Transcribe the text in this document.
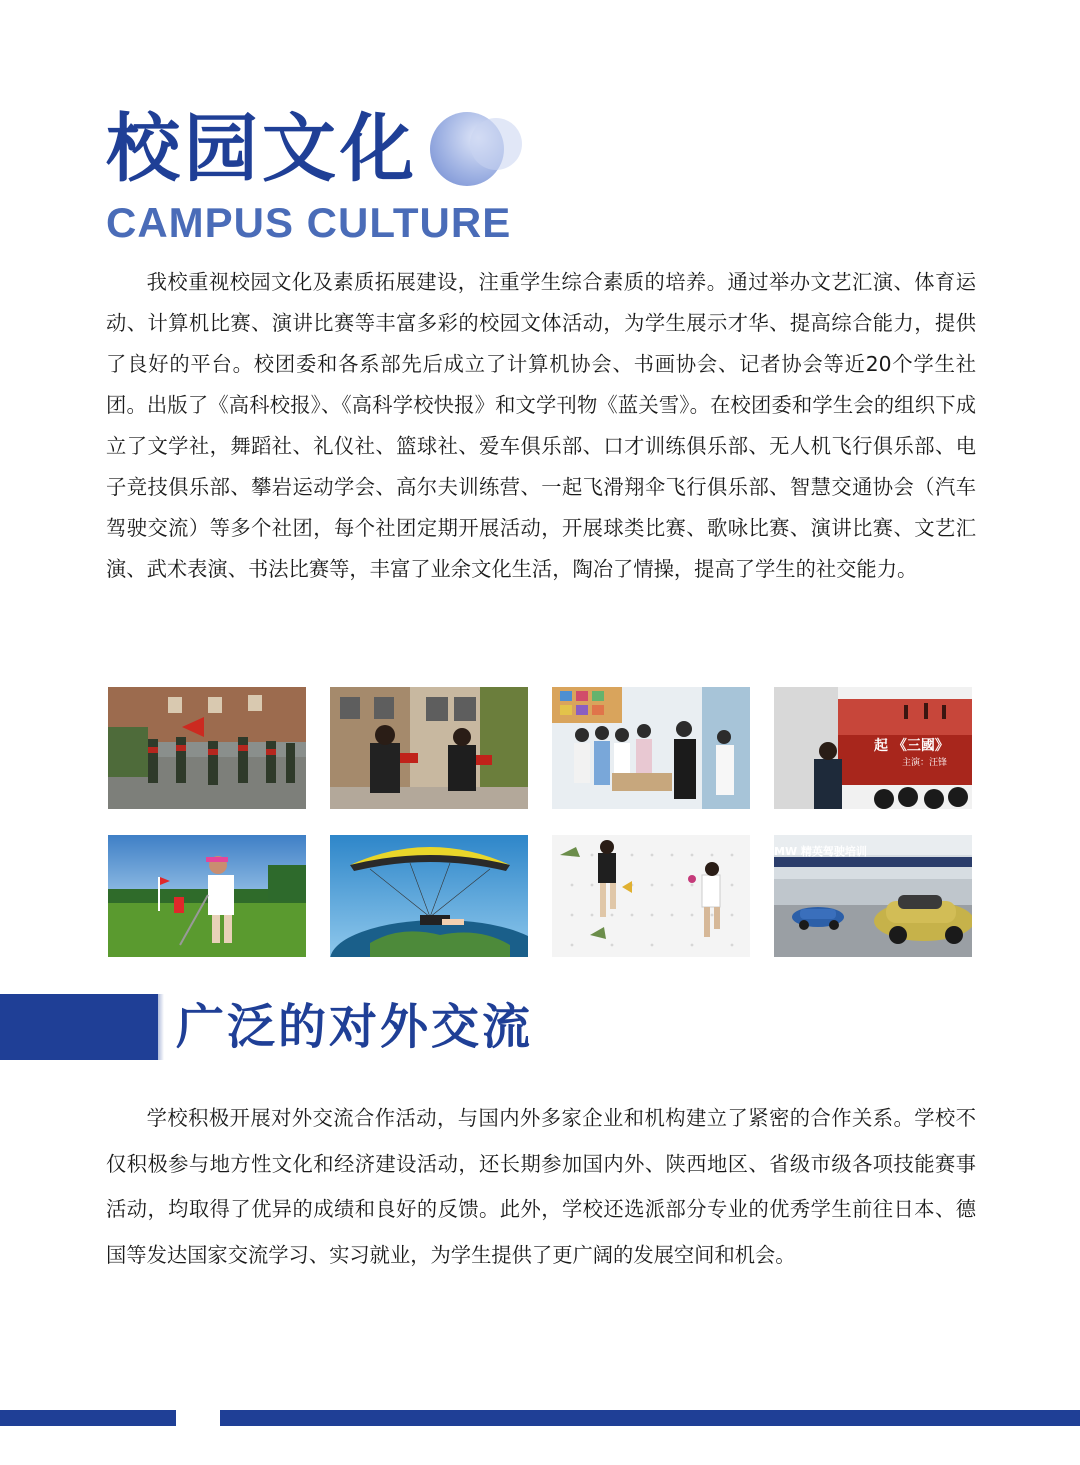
校园文化
CAMPUS CULTURE

我校重视校园文化及素质拓展建设，注重学生综合素质的培养。通过举办文艺汇演、体育运动、计算机比赛、演讲比赛等丰富多彩的校园文体活动，为学生展示才华、提高综合能力，提供了良好的平台。校团委和各系部先后成立了计算机协会、书画协会、记者协会等近20个学生社团。出版了《高科校报》、《高科学校快报》和文学刊物《蓝关雪》。在校团委和学生会的组织下成立了文学社，舞蹈社、礼仪社、篮球社、爱车俱乐部、口才训练俱乐部、无人机飞行俱乐部、电子竞技俱乐部、攀岩运动学会、高尔夫训练营、一起飞滑翔伞飞行俱乐部、智慧交通协会（汽车驾驶交流）等多个社团，每个社团定期开展活动，开展球类比赛、歌咏比赛、演讲比赛、文艺汇演、武术表演、书法比赛等，丰富了业余文化生活，陶冶了情操，提高了学生的社交能力。

起 《三國》
主演：汪锋
MW 精英驾驶培训
广泛的对外交流

学校积极开展对外交流合作活动，与国内外多家企业和机构建立了紧密的合作关系。学校不仅积极参与地方性文化和经济建设活动，还长期参加国内外、陕西地区、省级市级各项技能赛事活动，均取得了优异的成绩和良好的反馈。此外，学校还选派部分专业的优秀学生前往日本、德国等发达国家交流学习、实习就业，为学生提供了更广阔的发展空间和机会。
